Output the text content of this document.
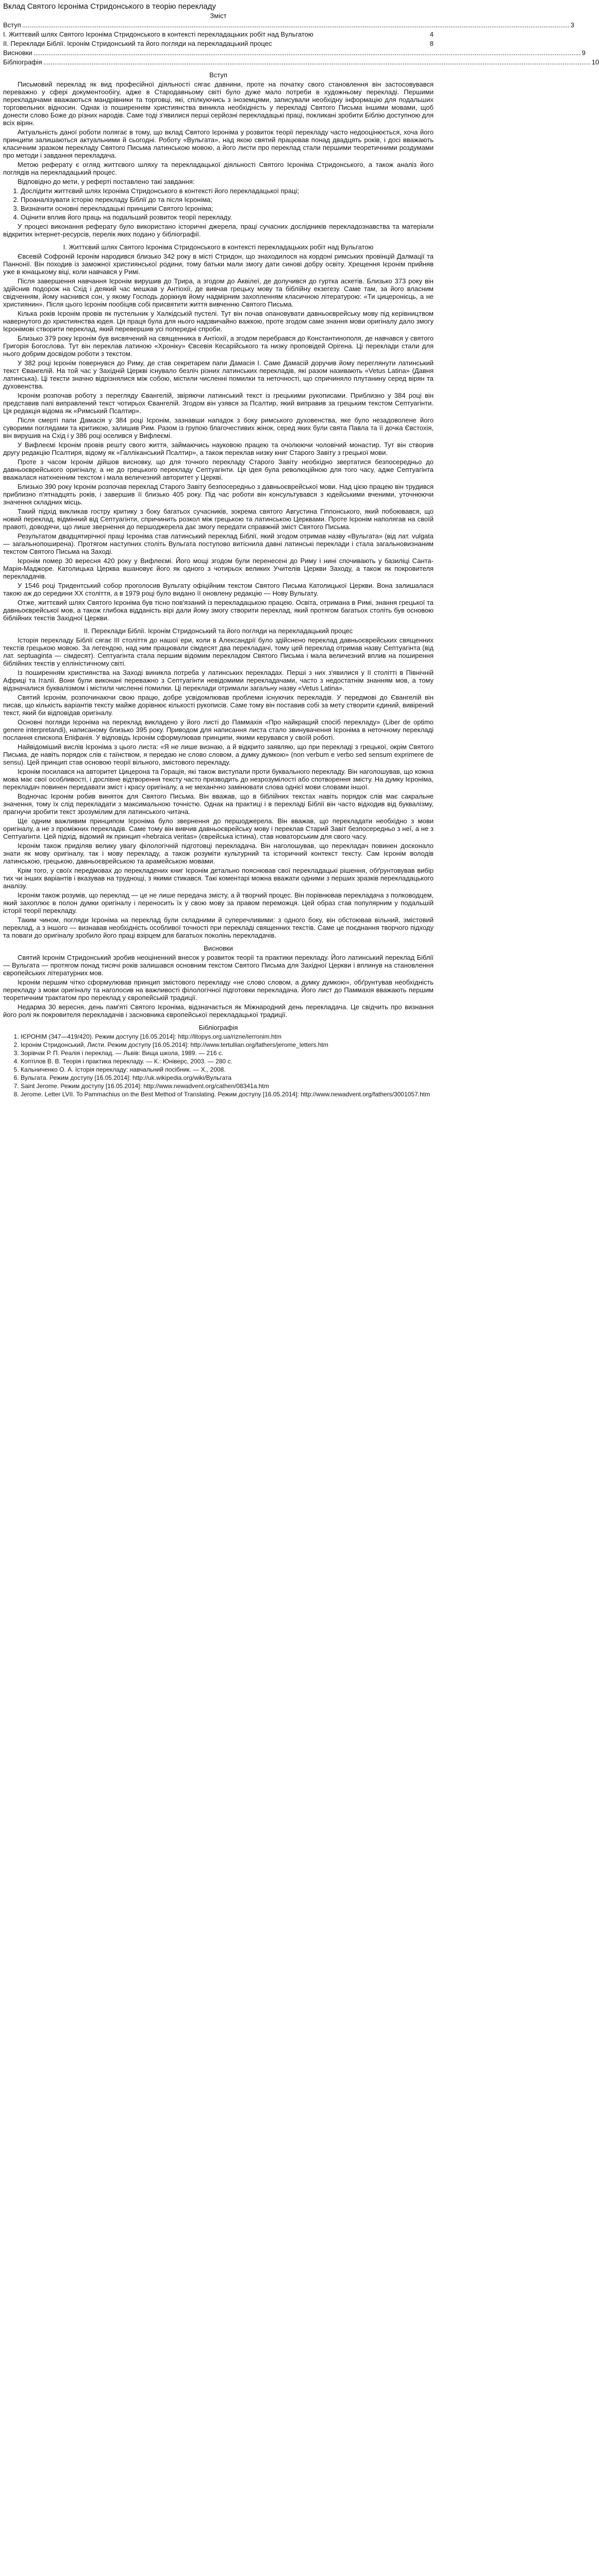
Вклад Святого Ієроніма Стридонського в теорію перекладу
Зміст
Вступ ...................................................................................................................................................................................................................................................................................................... 3
І. Життєвий шлях Святого Ієроніма Стридонського в контексті перекладацьких робіт над Вульгатою	4
ІІ. Переклади Біблії. Ієронім Стридонський та його погляди на перекладацький процес	8
Висновки ...................................................................................................................................................................................................................................................................................................... 9
Бібліографія ...................................................................................................................................................................................................................................................................................................... 10
Вступ

Письмовий переклад як вид професійної діяльності сягає давнини, проте на початку свого становлення він застосовувався переважно у сфері документообігу, адже в Стародавньому світі було дуже мало потреби в художньому перекладі. Першими перекладачами вважаються мандрівники та торговці, які, спілкуючись з іноземцями, записували необхідну інформацію для подальших торговельних відносин. Однак із поширенням християнства виникла необхідність у перекладі Святого Письма іншими мовами, щоб донести слово Боже до різних народів. Саме тоді з'явилися перші серйозні перекладацькі праці, покликані зробити Біблію доступною для всіх вірян.

Актуальність даної роботи полягає в тому, що вклад Святого Ієроніма у розвиток теорії перекладу часто недооцінюється, хоча його принципи залишаються актуальними й сьогодні. Роботу «Вульгата», над якою святий працював понад двадцять років, і досі вважають класичним зразком перекладу Святого Письма латинською мовою, а його листи про переклад стали першими теоретичними роздумами про методи і завдання перекладача.

Метою реферату є огляд життєвого шляху та перекладацької діяльності Святого Ієроніма Стридонського, а також аналіз його поглядів на перекладацький процес.

Відповідно до мети, у реферті поставлено такі завдання:

1. Дослідити життєвий шлях Ієроніма Стридонського в контексті його перекладацької праці;
2. Проаналізувати історію перекладу Біблії до та після Ієроніма;
3. Визначити основні перекладацькі принципи Святого Ієроніма;
4. Оцінити вплив його праць на подальший розвиток теорії перекладу.

У процесі виконання реферату було використано історичні джерела, праці сучасних дослідників перекладознавства та матеріали відкритих інтернет-ресурсів, перелік яких подано у бібліографії.

І. Життєвий шлях Святого Ієроніма Стридонського в контексті перекладацьких робіт над Вульгатою

Євсевій Софроній Ієронім народився близько 342 року в місті Стридон, що знаходилося на кордоні римських провінцій Далмації та Паннонії. Він походив із заможної християнської родини, тому батьки мали змогу дати синові добру освіту. Хрещення Ієронім прийняв уже в юнацькому віці, коли навчався у Римі.

Після завершення навчання Ієронім вирушив до Трира, а згодом до Аквілеї, де долучився до гуртка аскетів. Близько 373 року він здійснив подорож на Схід і деякий час мешкав у Антіохії, де вивчав грецьку мову та біблійну екзегезу. Саме там, за його власним свідченням, йому наснився сон, у якому Господь дорікнув йому надмірним захопленням класичною літературою: «Ти цицеронієць, а не християнин». Після цього Ієронім пообіцяв собі присвятити життя вивченню Святого Письма.

Кілька років Ієронім провів як пустельник у Халкідській пустелі. Тут він почав опановувати давньоєврейську мову під керівництвом навернутого до християнства юдея. Ця праця була для нього надзвичайно важкою, проте згодом саме знання мови оригіналу дало змогу Ієронімові створити переклад, який перевершив усі попередні спроби.

Близько 379 року Ієронім був висвячений на священника в Антіохії, а згодом перебрався до Константинополя, де навчався у святого Григорія Богослова. Тут він переклав латиною «Хроніку» Євсевія Кесарійського та низку проповідей Орігена. Ці переклади стали для нього добрим досвідом роботи з текстом.

У 382 році Ієронім повернувся до Риму, де став секретарем папи Дамасія І. Саме Дамасій доручив йому переглянути латинський текст Євангелій. На той час у Західній Церкві існувало безліч різних латинських перекладів, які разом називають «Vetus Latina» (Давня латинська). Ці тексти значно відрізнялися між собою, містили численні помилки та неточності, що спричиняло плутанину серед вірян та духовенства.

Ієронім розпочав роботу з перегляду Євангелій, звіряючи латинський текст із грецькими рукописами. Приблизно у 384 році він представив папі виправлений текст чотирьох Євангелій. Згодом він узявся за Псалтир, який виправив за грецьким текстом Септуагінти. Ця редакція відома як «Римський Псалтир».

Після смерті папи Дамасія у 384 році Ієронім, зазнавши нападок з боку римського духовенства, яке було незадоволене його суворими поглядами та критикою, залишив Рим. Разом із групою благочестивих жінок, серед яких були свята Павла та її дочка Євстохія, він вирушив на Схід і у 386 році оселився у Вифлеємі.

У Вифлеємі Ієронім провів решту свого життя, займаючись науковою працею та очолюючи чоловічий монастир. Тут він створив другу редакцію Псалтиря, відому як «Галліканський Псалтир», а також переклав низку книг Старого Завіту з грецької мови.

Проте з часом Ієронім дійшов висновку, що для точного перекладу Старого Завіту необхідно звертатися безпосередньо до давньоєврейського оригіналу, а не до грецького перекладу Септуагінти. Ця ідея була революційною для того часу, адже Септуагінта вважалася натхненним текстом і мала величезний авторитет у Церкві.

Близько 390 року Ієронім розпочав переклад Старого Завіту безпосередньо з давньоєврейської мови. Над цією працею він трудився приблизно п'ятнадцять років, і завершив її близько 405 року. Під час роботи він консультувався з юдейськими вченими, уточнюючи значення складних місць.

Такий підхід викликав гостру критику з боку багатьох сучасників, зокрема святого Августина Гіппонського, який побоювався, що новий переклад, відмінний від Септуагінти, спричинить розкол між грецькою та латинською Церквами. Проте Ієронім наполягав на своїй правоті, доводячи, що лише звернення до першоджерела дає змогу передати справжній зміст Святого Письма.

Результатом двадцятирічної праці Ієроніма став латинський переклад Біблії, який згодом отримав назву «Вульгата» (від лат. vulgata — загальнопоширена). Протягом наступних століть Вульгата поступово витіснила давні латинські переклади і стала загальновизнаним текстом Святого Письма на Заході.

Ієронім помер 30 вересня 420 року у Вифлеємі. Його мощі згодом були перенесені до Риму і нині спочивають у базиліці Санта-Марія-Маджоре. Католицька Церква вшановує його як одного з чотирьох великих Учителів Церкви Заходу, а також як покровителя перекладачів.

У 1546 році Тридентський собор проголосив Вульгату офіційним текстом Святого Письма Католицької Церкви. Вона залишалася такою аж до середини ХХ століття, а в 1979 році було видано її оновлену редакцію — Нову Вульгату.

Отже, життєвий шлях Святого Ієроніма був тісно пов'язаний із перекладацькою працею. Освіта, отримана в Римі, знання грецької та давньоєврейської мов, а також глибока відданість вірі дали йому змогу створити переклад, який протягом багатьох століть був основою біблійних текстів Західної Церкви.

ІІ. Переклади Біблії. Ієронім Стридонський та його погляди на перекладацький процес

Історія перекладу Біблії сягає ІІІ століття до нашої ери, коли в Александрії було здійснено переклад давньоєврейських священних текстів грецькою мовою. За легендою, над ним працювали сімдесят два перекладачі, тому цей переклад отримав назву Септуагінта (від лат. septuaginta — сімдесят). Септуагінта стала першим відомим перекладом Святого Письма і мала величезний вплив на поширення біблійних текстів у елліністичному світі.

Із поширенням християнства на Заході виникла потреба у латинських перекладах. Перші з них з'явилися у ІІ столітті в Північній Африці та Італії. Вони були виконані переважно з Септуагінти невідомими перекладачами, часто з недостатнім знанням мов, а тому відзначалися буквалізмом і містили численні помилки. Ці переклади отримали загальну назву «Vetus Latina».

Святий Ієронім, розпочинаючи свою працю, добре усвідомлював проблеми існуючих перекладів. У передмові до Євангелій він писав, що кількість варіантів тексту майже дорівнює кількості рукописів. Саме тому він поставив собі за мету створити єдиний, вивірений текст, який би відповідав оригіналу.

Основні погляди Ієроніма на переклад викладено у його листі до Паммахія «Про найкращий спосіб перекладу» (Liber de optimo genere interpretandi), написаному близько 395 року. Приводом для написання листа стало звинувачення Ієроніма в неточному перекладі послання єпископа Епіфанія. У відповідь Ієронім сформулював принципи, якими керувався у своїй роботі.

Найвідоміший вислів Ієроніма з цього листа: «Я не лише визнаю, а й відкрито заявляю, що при перекладі з грецької, окрім Святого Письма, де навіть порядок слів є таїнством, я передаю не слово словом, а думку думкою» (non verbum e verbo sed sensum exprimere de sensu). Цей принцип став основою теорії вільного, змістового перекладу.

Ієронім посилався на авторитет Цицерона та Горація, які також виступали проти буквального перекладу. Він наголошував, що кожна мова має свої особливості, і дослівне відтворення тексту часто призводить до незрозумілості або спотворення змісту. На думку Ієроніма, перекладач повинен передавати зміст і красу оригіналу, а не механічно замінювати слова однієї мови словами іншої.

Водночас Ієронім робив виняток для Святого Письма. Він вважав, що в біблійних текстах навіть порядок слів має сакральне значення, тому їх слід перекладати з максимальною точністю. Однак на практиці і в перекладі Біблії він часто відходив від буквалізму, прагнучи зробити текст зрозумілим для латинського читача.

Ще одним важливим принципом Ієроніма було звернення до першоджерела. Він вважав, що перекладати необхідно з мови оригіналу, а не з проміжних перекладів. Саме тому він вивчив давньоєврейську мову і переклав Старий Завіт безпосередньо з неї, а не з Септуагінти. Цей підхід, відомий як принцип «hebraica veritas» (єврейська істина), став новаторським для свого часу.

Ієронім також приділяв велику увагу філологічній підготовці перекладача. Він наголошував, що перекладач повинен досконало знати як мову оригіналу, так і мову перекладу, а також розуміти культурний та історичний контекст тексту. Сам Ієронім володів латинською, грецькою, давньоєврейською та арамейською мовами.

Крім того, у своїх передмовах до перекладених книг Ієронім детально пояснював свої перекладацькі рішення, обґрунтовував вибір тих чи інших варіантів і вказував на труднощі, з якими стикався. Такі коментарі можна вважати одними з перших зразків перекладацького аналізу.

Ієронім також розумів, що переклад — це не лише передача змісту, а й творчий процес. Він порівнював перекладача з полководцем, який захоплює в полон думки оригіналу і переносить їх у свою мову за правом переможця. Цей образ став популярним у подальшій історії теорії перекладу.

Таким чином, погляди Ієроніма на переклад були складними й суперечливими: з одного боку, він обстоював вільний, змістовий переклад, а з іншого — визнавав необхідність особливої точності при перекладі священних текстів. Саме це поєднання творчого підходу та поваги до оригіналу зробило його праці взірцем для багатьох поколінь перекладачів.

Висновки

Святий Ієронім Стридонський зробив неоціненний внесок у розвиток теорії та практики перекладу. Його латинський переклад Біблії — Вульгата — протягом понад тисячі років залишався основним текстом Святого Письма для Західної Церкви і вплинув на становлення європейських літературних мов.

Ієронім першим чітко сформулював принцип змістового перекладу «не слово словом, а думку думкою», обґрунтував необхідність перекладу з мови оригіналу та наголосив на важливості філологічної підготовки перекладача. Його лист до Паммахія вважають першим теоретичним трактатом про переклад у європейській традиції.

Недарма 30 вересня, день пам'яті Святого Ієроніма, відзначається як Міжнародний день перекладача. Це свідчить про визнання його ролі як покровителя перекладачів і засновника європейської перекладацької традиції.

Бібліографія
1. ІЄРОНІМ (347—419/420). Режим доступу [16.05.2014]: http://litopys.org.ua/rizne/ierronim.htm
2. Ієронім Стридонський, Листи. Режим доступу [16.05.2014]: http://www.tertullian.org/fathers/jerome_letters.htm
3. Зорівчак Р. П. Реалія і переклад. — Львів: Вища школа, 1989. — 216 с.
4. Коптілов В. В. Теорія і практика перекладу. — К.: Юніверс, 2003. — 280 с.
5. Кальниченко О. А. Історія перекладу: навчальний посібник. — Х., 2008.
6. Вульгата. Режим доступу [16.05.2014]: http://uk.wikipedia.org/wiki/Вульгата
7. Saint Jerome. Режим доступу [16.05.2014]: http://www.newadvent.org/cathen/08341a.htm
8. Jerome. Letter LVII. To Pammachius on the Best Method of Translating. Режим доступу [16.05.2014]: http://www.newadvent.org/fathers/3001057.htm
